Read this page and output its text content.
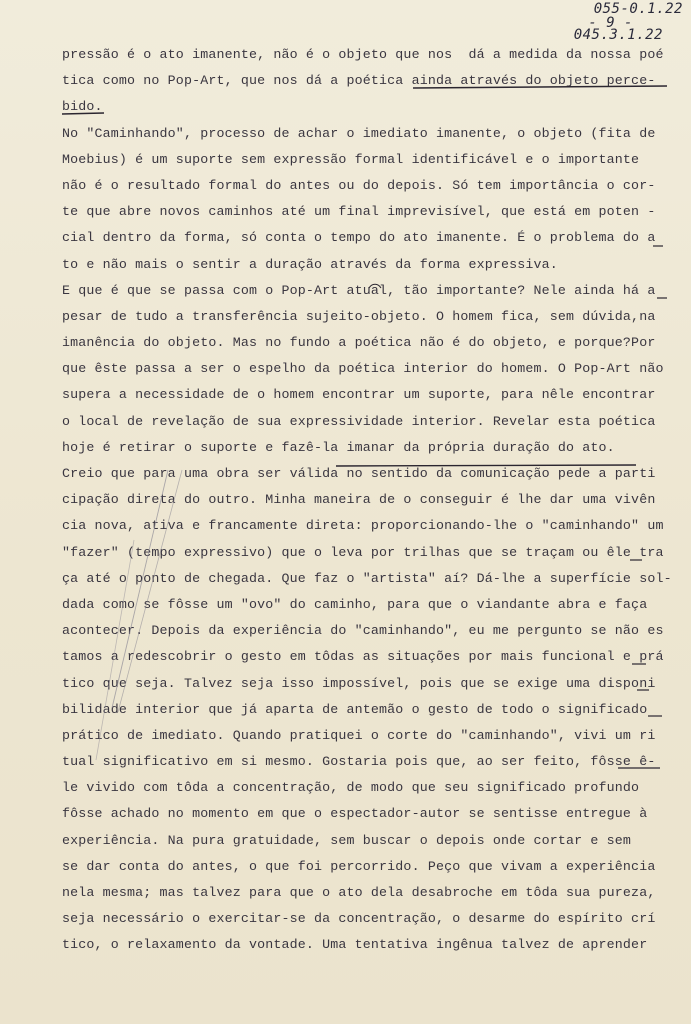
055-0.1.22
- 9 -
045.3.1.22
pressão é o ato imanente, não é o objeto que nos  dá a medida da nossa poé
tica como no Pop-Art, que nos dá a poética ainda através do objeto perce-
bido.
No "Caminhando", processo de achar o imediato imanente, o objeto (fita de
Moebius) é um suporte sem expressão formal identificável e o importante
não é o resultado formal do antes ou do depois. Só tem importância o cor-
te que abre novos caminhos até um final imprevisível, que está em poten -
cial dentro da forma, só conta o tempo do ato imanente. É o problema do a
to e não mais o sentir a duração através da forma expressiva.
E que é que se passa com o Pop-Art atual, tão importante? Nele ainda há a
pesar de tudo a transferência sujeito-objeto. O homem fica, sem dúvida,na
imanência do objeto. Mas no fundo a poética não é do objeto, e porque?Por
que êste passa a ser o espelho da poética interior do homem. O Pop-Art não
supera a necessidade de o homem encontrar um suporte, para nêle encontrar
o local de revelação de sua expressividade interior. Revelar esta poética
hoje é retirar o suporte e fazê-la imanar da própria duração do ato.
Creio que para uma obra ser válida no sentido da comunicação pede a parti
cipação direta do outro. Minha maneira de o conseguir é lhe dar uma vivên
cia nova, ativa e francamente direta: proporcionando-lhe o "caminhando" um
"fazer" (tempo expressivo) que o leva por trilhas que se traçam ou êle tra
ça até o ponto de chegada. Que faz o "artista" aí? Dá-lhe a superfície sol-
dada como se fôsse um "ovo" do caminho, para que o viandante abra e faça
acontecer. Depois da experiência do "caminhando", eu me pergunto se não es
tamos a redescobrir o gesto em tôdas as situações por mais funcional e prá
tico que seja. Talvez seja isso impossível, pois que se exige uma disponi
bilidade interior que já aparta de antemão o gesto de todo o significado
prático de imediato. Quando pratiquei o corte do "caminhando", vivi um ri
tual significativo em si mesmo. Gostaria pois que, ao ser feito, fôsse ê-
le vivido com tôda a concentração, de modo que seu significado profundo
fôsse achado no momento em que o espectador-autor se sentisse entregue à
experiência. Na pura gratuidade, sem buscar o depois onde cortar e sem
se dar conta do antes, o que foi percorrido. Peço que vivam a experiência
nela mesma; mas talvez para que o ato dela desabroche em tôda sua pureza,
seja necessário o exercitar-se da concentração, o desarme do espírito crí
tico, o relaxamento da vontade. Uma tentativa ingênua talvez de aprender
